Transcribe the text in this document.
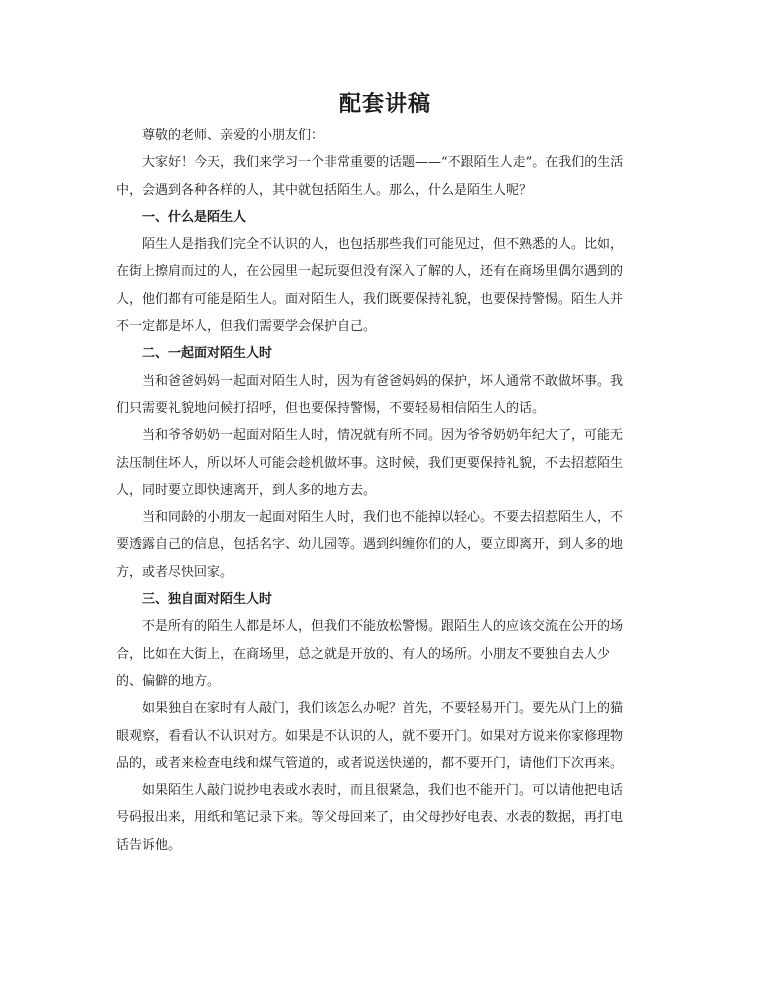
配套讲稿
尊敬的老师、亲爱的小朋友们：
大家好！今天，我们来学习一个非常重要的话题——“不跟陌生人走”。在我们的生活
中，会遇到各种各样的人，其中就包括陌生人。那么，什么是陌生人呢？
一、什么是陌生人
陌生人是指我们完全不认识的人，也包括那些我们可能见过，但不熟悉的人。比如，
在街上擦肩而过的人，在公园里一起玩耍但没有深入了解的人，还有在商场里偶尔遇到的
人，他们都有可能是陌生人。面对陌生人，我们既要保持礼貌，也要保持警惕。陌生人并
不一定都是坏人，但我们需要学会保护自己。
二、一起面对陌生人时
当和爸爸妈妈一起面对陌生人时，因为有爸爸妈妈的保护，坏人通常不敢做坏事。我
们只需要礼貌地问候打招呼，但也要保持警惕，不要轻易相信陌生人的话。
当和爷爷奶奶一起面对陌生人时，情况就有所不同。因为爷爷奶奶年纪大了，可能无
法压制住坏人，所以坏人可能会趁机做坏事。这时候，我们更要保持礼貌，不去招惹陌生
人，同时要立即快速离开，到人多的地方去。
当和同龄的小朋友一起面对陌生人时，我们也不能掉以轻心。不要去招惹陌生人，不
要透露自己的信息，包括名字、幼儿园等。遇到纠缠你们的人，要立即离开，到人多的地
方，或者尽快回家。
三、独自面对陌生人时
不是所有的陌生人都是坏人，但我们不能放松警惕。跟陌生人的应该交流在公开的场
合，比如在大街上，在商场里，总之就是开放的、有人的场所。小朋友不要独自去人少
的、偏僻的地方。
如果独自在家时有人敲门，我们该怎么办呢？首先，不要轻易开门。要先从门上的猫
眼观察，看看认不认识对方。如果是不认识的人，就不要开门。如果对方说来你家修理物
品的，或者来检查电线和煤气管道的，或者说送快递的，都不要开门，请他们下次再来。
如果陌生人敲门说抄电表或水表时，而且很紧急，我们也不能开门。可以请他把电话
号码报出来，用纸和笔记录下来。等父母回来了，由父母抄好电表、水表的数据，再打电
话告诉他。
